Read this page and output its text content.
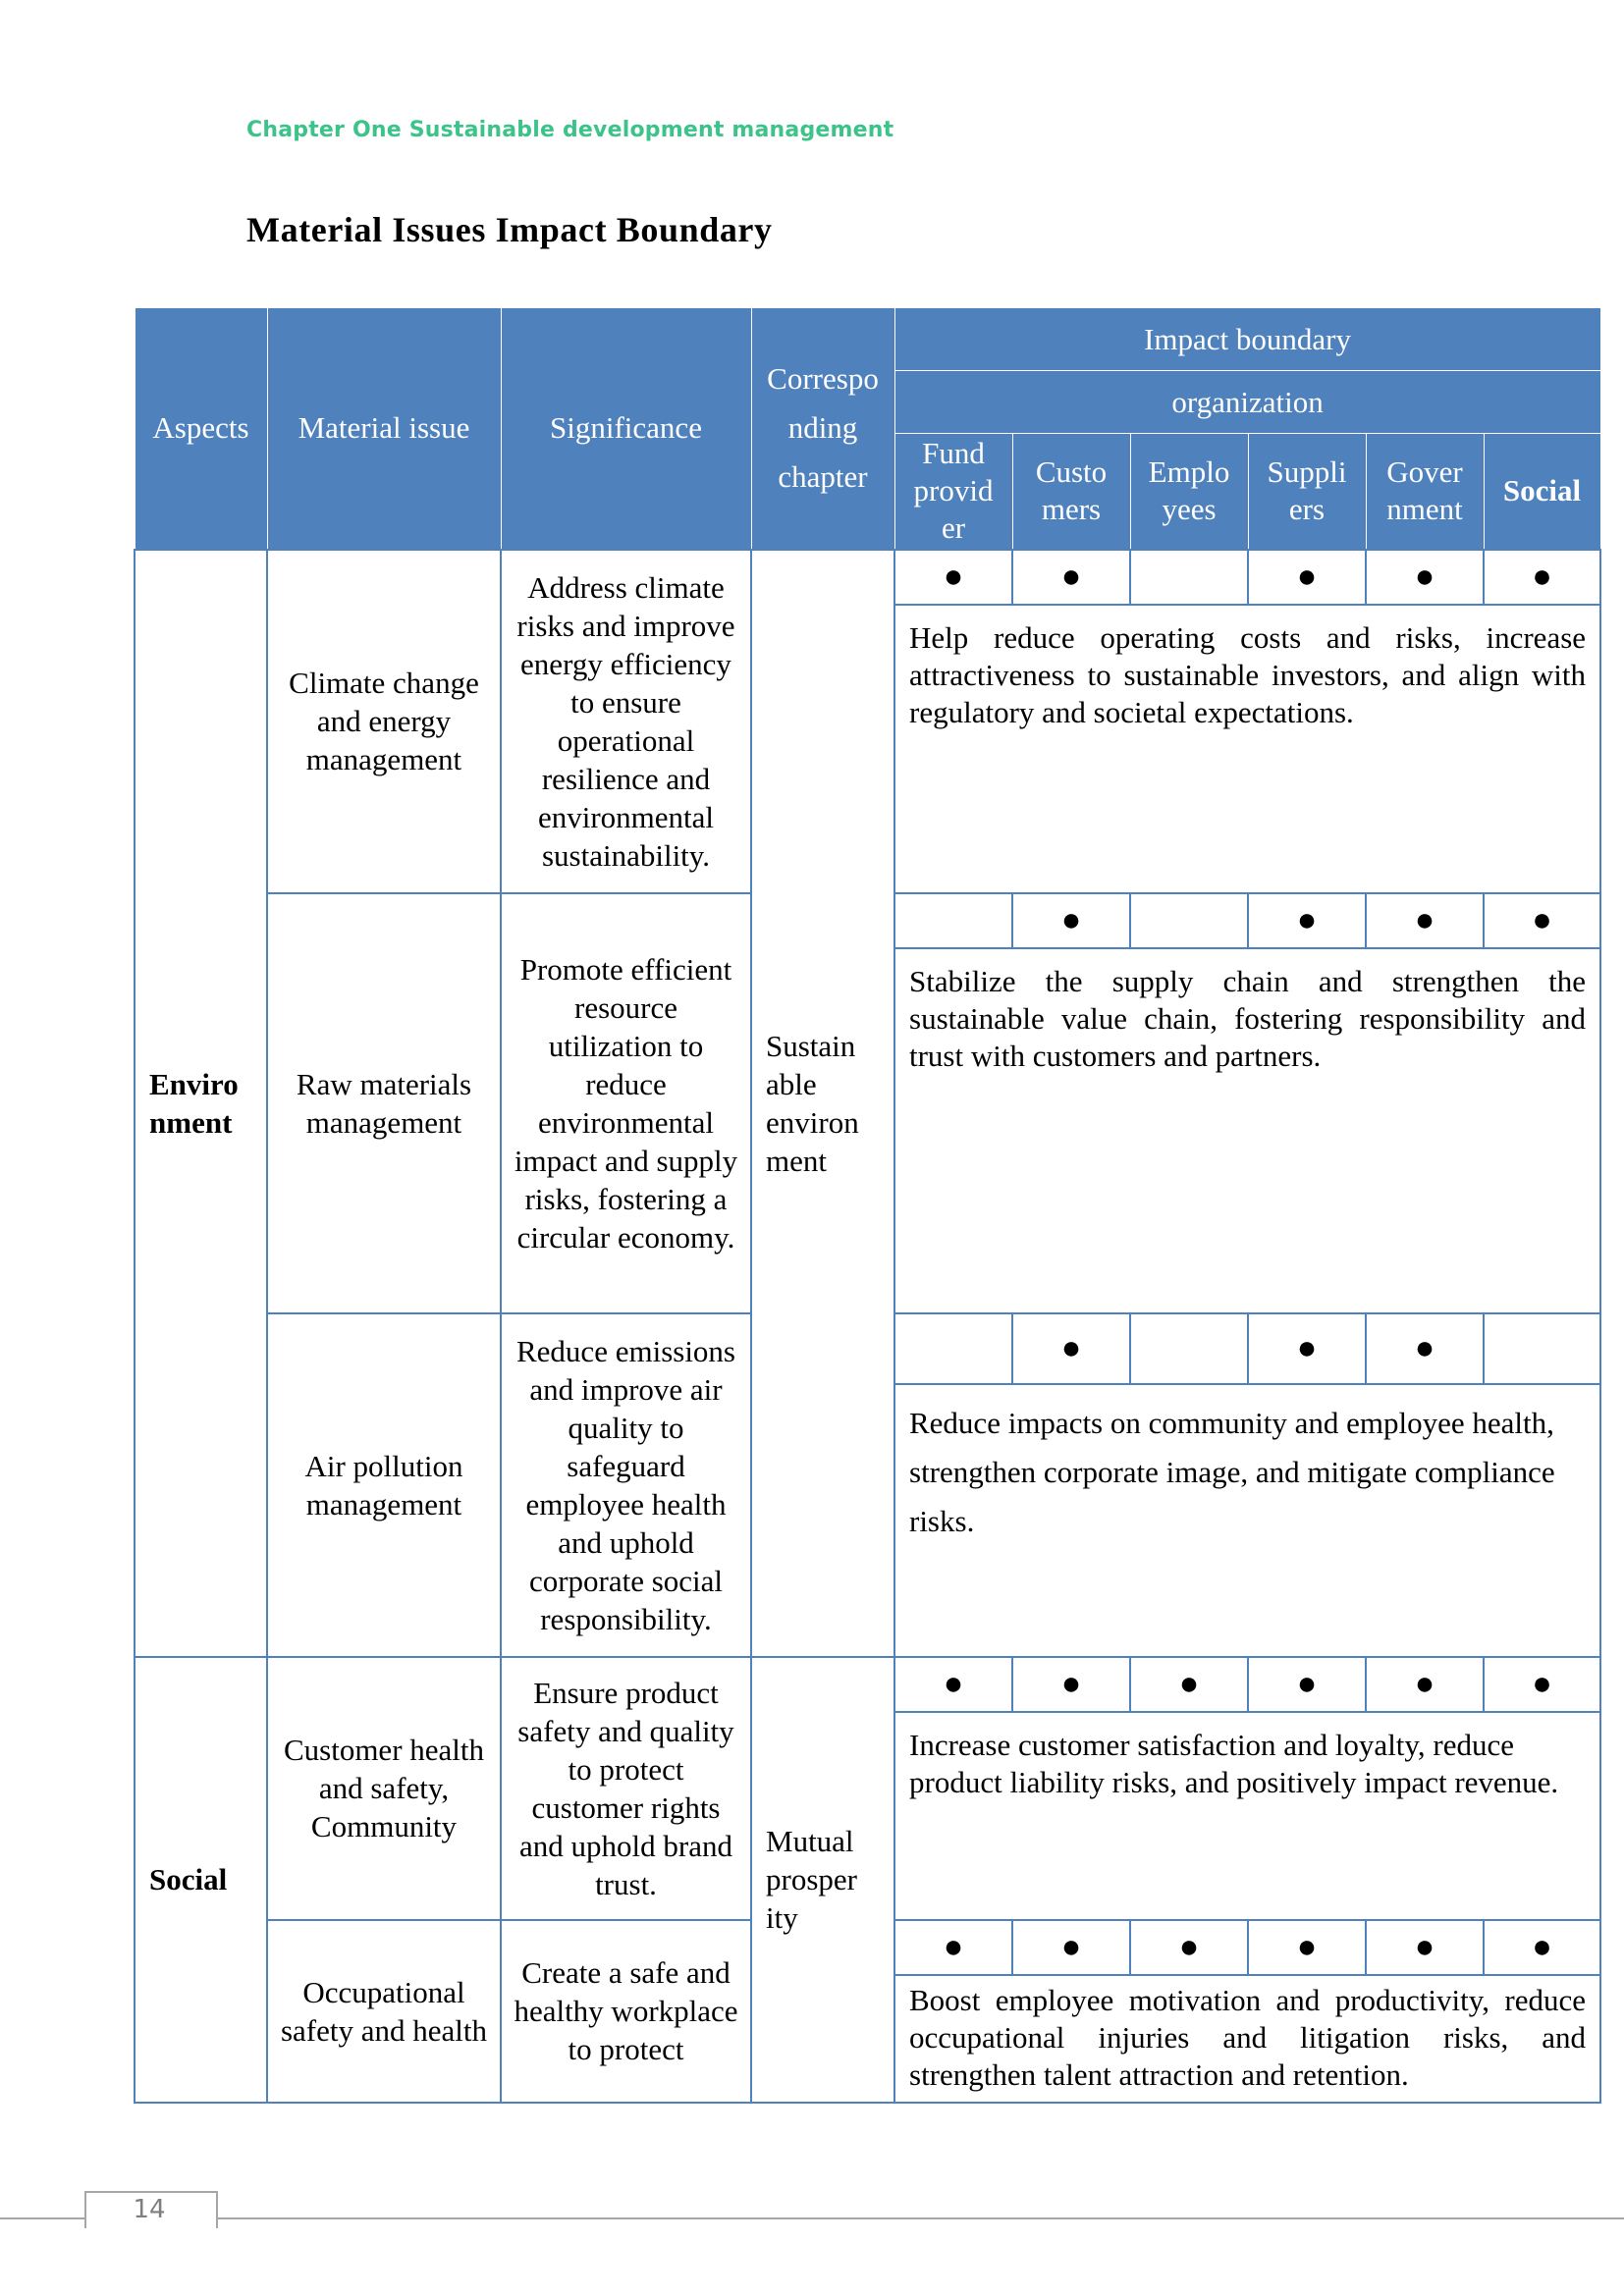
Chapter One Sustainable development management
Material Issues Impact Boundary
Aspects	Material issue	Significance	Correspo nding chapter	Impact boundary					
				organization					
				Fund provid er	Custo mers	Emplo yees	Suppli ers	Gover nment	Social
Enviro nment	Climate change and energy management	Address climate risks and improve energy efficiency to ensure operational resilience and environmental sustainability.	Sustain able environ ment	●	●		●	●	●
				Help reduce operating costs and risks, increase attractiveness to sustainable investors, and align with regulatory and societal expectations.					
	Raw materials management	Promote efficient resource utilization to reduce environmental impact and supply risks, fostering a circular economy.			●		●	●	●
				Stabilize the supply chain and strengthen the sustainable value chain, fostering responsibility and trust with customers and partners.					
	Air pollution management	Reduce emissions and improve air quality to safeguard employee health and uphold corporate social responsibility.			●		●	●	
				Reduce impacts on community and employee health, strengthen corporate image, and mitigate compliance risks.					
Social	Customer health and safety, Community	Ensure product safety and quality to protect customer rights and uphold brand trust.	Mutual prosper ity	●	●	●	●	●	●
				Increase customer satisfaction and loyalty, reduce product liability risks, and positively impact revenue.					
	Occupational safety and health	Create a safe and healthy workplace to protect		●	●	●	●	●	●
				Boost employee motivation and productivity, reduce occupational injuries and litigation risks, and strengthen talent attraction and retention.					
14
